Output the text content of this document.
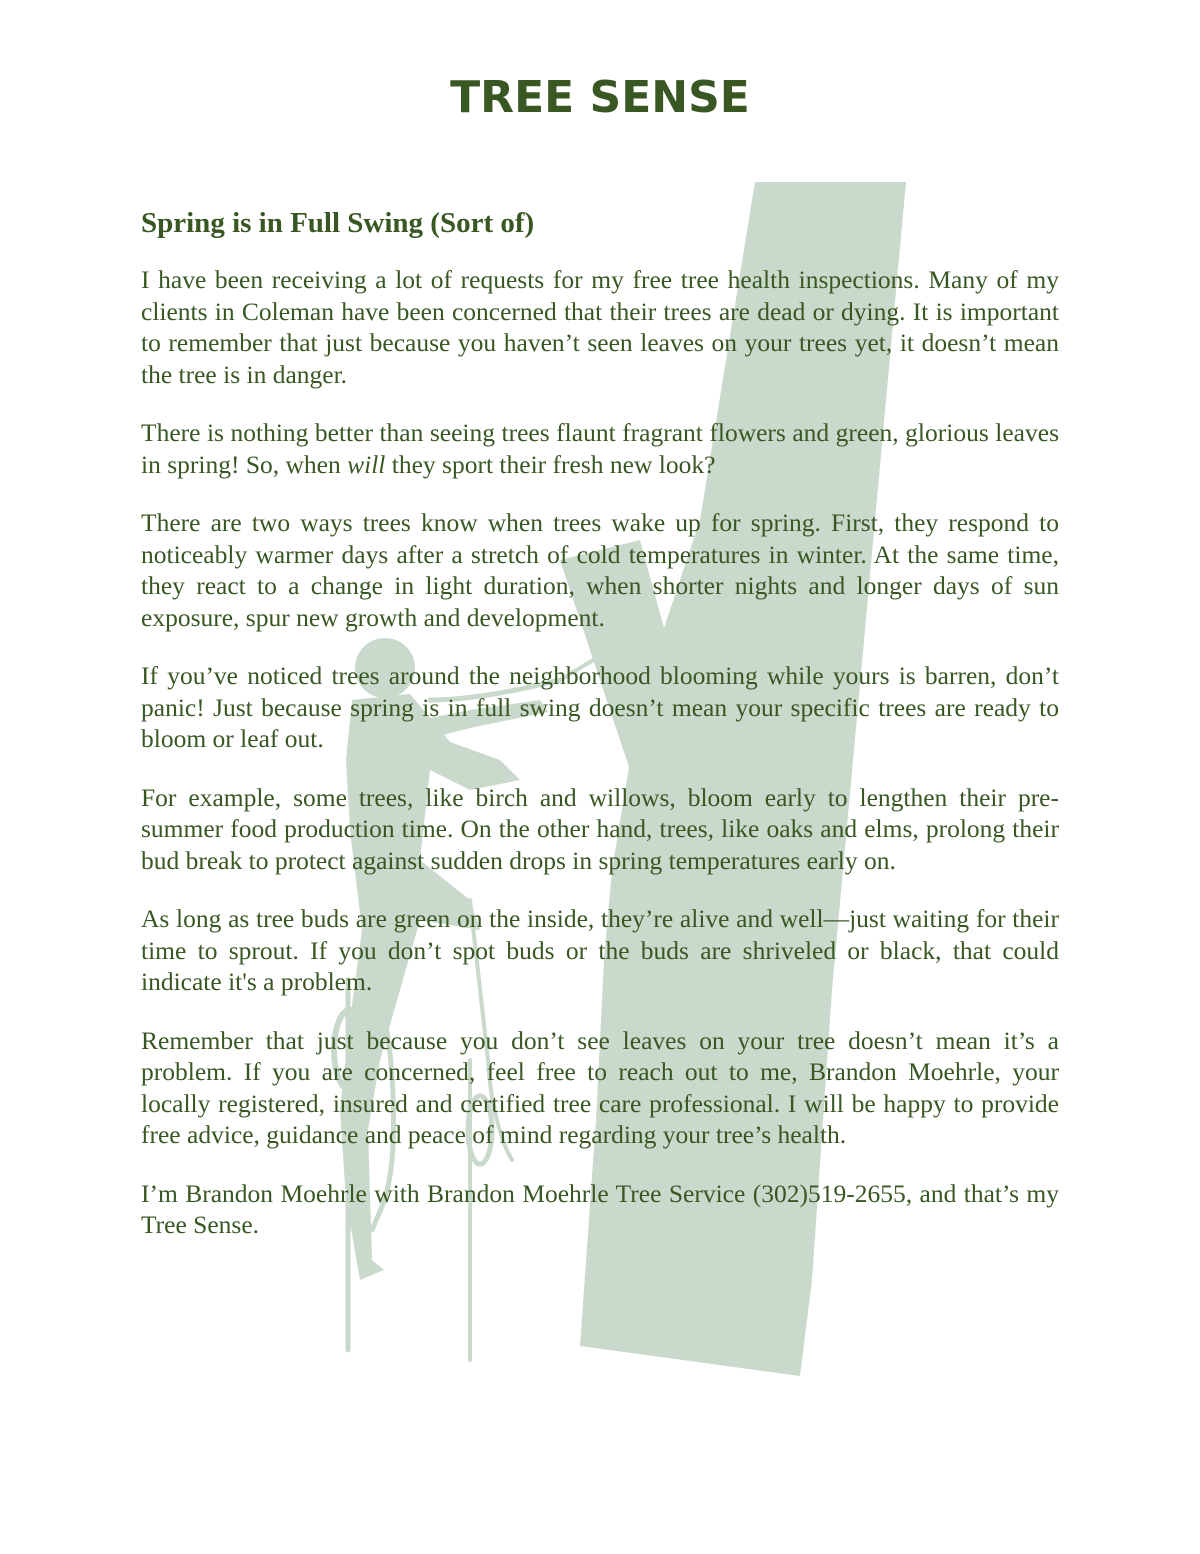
TREE SENSE
Spring is in Full Swing (Sort of)

I have been receiving a lot of requests for my free tree health inspections. Many of my clients in Coleman have been concerned that their trees are dead or dying. It is important to remember that just because you haven’t seen leaves on your trees yet, it doesn’t mean the tree is in danger.

There is nothing better than seeing trees flaunt fragrant flowers and green, glorious leaves in spring! So, when will they sport their fresh new look?

There are two ways trees know when trees wake up for spring. First, they respond to noticeably warmer days after a stretch of cold temperatures in winter. At the same time, they react to a change in light duration, when shorter nights and longer days of sun exposure, spur new growth and development.

If you’ve noticed trees around the neighborhood blooming while yours is barren, don’t panic! Just because spring is in full swing doesn’t mean your specific trees are ready to bloom or leaf out.

For example, some trees, like birch and willows, bloom early to lengthen their pre-summer food production time. On the other hand, trees, like oaks and elms, prolong their bud break to protect against sudden drops in spring temperatures early on.

As long as tree buds are green on the inside, they’re alive and well—just waiting for their time to sprout. If you don’t spot buds or the buds are shriveled or black, that could indicate it's a problem.

Remember that just because you don’t see leaves on your tree doesn’t mean it’s a problem. If you are concerned, feel free to reach out to me, Brandon Moehrle, your locally registered, insured and certified tree care professional. I will be happy to provide free advice, guidance and peace of mind regarding your tree’s health.

I’m Brandon Moehrle with Brandon Moehrle Tree Service (302)519-2655, and that’s my Tree Sense.
